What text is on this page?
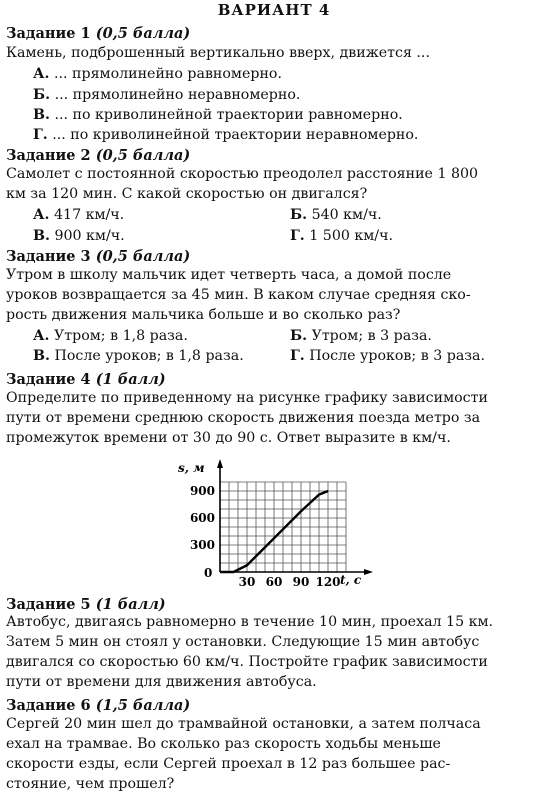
ВАРИАНТ 4
Задание 1 (0,5 балла)
Камень, подброшенный вертикально вверх, движется ...
А. ... прямолинейно равномерно.
Б. ... прямолинейно неравномерно.
В. ... по криволинейной траектории равномерно.
Г. ... по криволинейной траектории неравномерно.
Задание 2 (0,5 балла)
Самолет с постоянной скоростью преодолел расстояние 1 800
км за 120 мин. С какой скоростью он двигался?
А. 417 км/ч.	Б. 540 км/ч.
В. 900 км/ч.	Г. 1 500 км/ч.
Задание 3 (0,5 балла)
Утром в школу мальчик идет четверть часа, а домой после
уроков возвращается за 45 мин. В каком случае средняя ско-
рость движения мальчика больше и во сколько раз?
А. Утром; в 1,8 раза.	Б. Утром; в 3 раза.
В. После уроков; в 1,8 раза.	Г. После уроков; в 3 раза.
Задание 4 (1 балл)
Определите по приведенному на рисунке графику зависимости
пути от времени среднюю скорость движения поезда метро за
промежуток времени от 30 до 90 с. Ответ выразите в км/ч.
30 60 90 120
300
600
900
s, м
t, с
0
Задание 5 (1 балл)
Автобус, двигаясь равномерно в течение 10 мин, проехал 15 км.
Затем 5 мин он стоял у остановки. Следующие 15 мин автобус
двигался со скоростью 60 км/ч. Постройте график зависимости
пути от времени для движения автобуса.
Задание 6 (1,5 балла)
Сергей 20 мин шел до трамвайной остановки, а затем полчаса
ехал на трамвае. Во сколько раз скорость ходьбы меньше
скорости езды, если Сергей проехал в 12 раз большее рас-
стояние, чем прошел?
